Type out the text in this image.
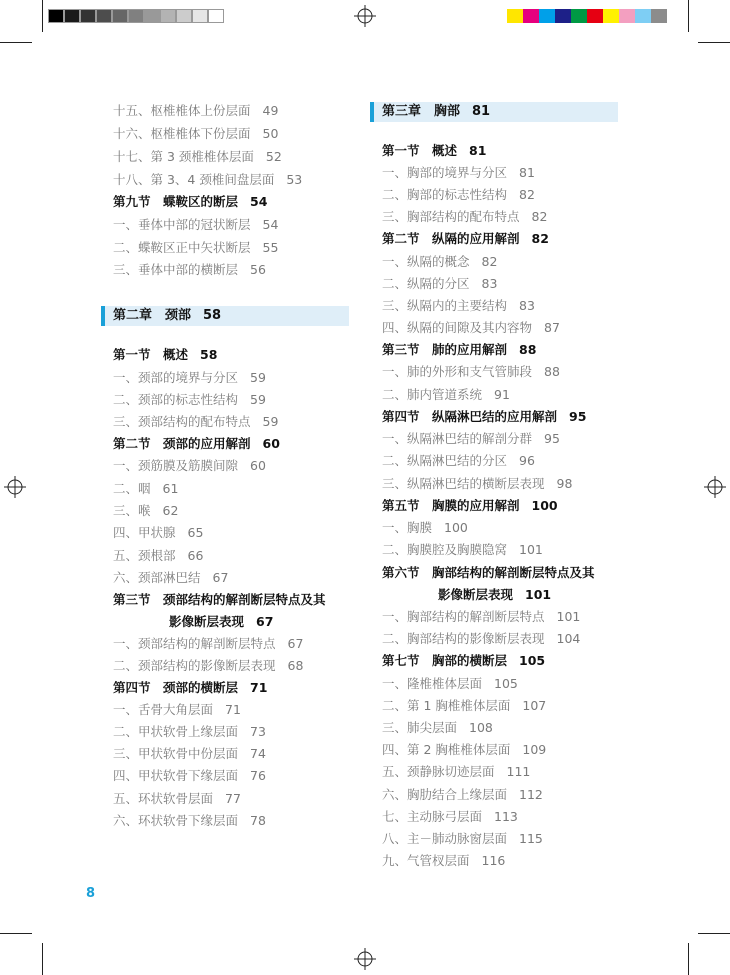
十五、枢椎椎体上份层面 49
十六、枢椎椎体下份层面 50
十七、第 3 颈椎椎体层面 52
十八、第 3、4 颈椎间盘层面 53
第九节　蝶鞍区的断层 54
一、垂体中部的冠状断层 54
二、蝶鞍区正中矢状断层 55
三、垂体中部的横断层 56
第二章　颈部 58
第一节　概述 58
一、颈部的境界与分区 59
二、颈部的标志性结构 59
三、颈部结构的配布特点 59
第二节　颈部的应用解剖 60
一、颈筋膜及筋膜间隙 60
二、咽 61
三、喉 62
四、甲状腺 65
五、颈根部 66
六、颈部淋巴结 67
第三节　颈部结构的解剖断层特点及其
影像断层表现 67
一、颈部结构的解剖断层特点 67
二、颈部结构的影像断层表现 68
第四节　颈部的横断层 71
一、舌骨大角层面 71
二、甲状软骨上缘层面 73
三、甲状软骨中份层面 74
四、甲状软骨下缘层面 76
五、环状软骨层面 77
六、环状软骨下缘层面 78
第三章　胸部 81
第一节　概述 81
一、胸部的境界与分区 81
二、胸部的标志性结构 82
三、胸部结构的配布特点 82
第二节　纵隔的应用解剖 82
一、纵隔的概念 82
二、纵隔的分区 83
三、纵隔内的主要结构 83
四、纵隔的间隙及其内容物 87
第三节　肺的应用解剖 88
一、肺的外形和支气管肺段 88
二、肺内管道系统 91
第四节　纵隔淋巴结的应用解剖 95
一、纵隔淋巴结的解剖分群 95
二、纵隔淋巴结的分区 96
三、纵隔淋巴结的横断层表现 98
第五节　胸膜的应用解剖 100
一、胸膜 100
二、胸膜腔及胸膜隐窝 101
第六节　胸部结构的解剖断层特点及其
影像断层表现 101
一、胸部结构的解剖断层特点 101
二、胸部结构的影像断层表现 104
第七节　胸部的横断层 105
一、隆椎椎体层面 105
二、第 1 胸椎椎体层面 107
三、肺尖层面 108
四、第 2 胸椎椎体层面 109
五、颈静脉切迹层面 111
六、胸肋结合上缘层面 112
七、主动脉弓层面 113
八、主－肺动脉窗层面 115
九、气管杈层面 116
8
